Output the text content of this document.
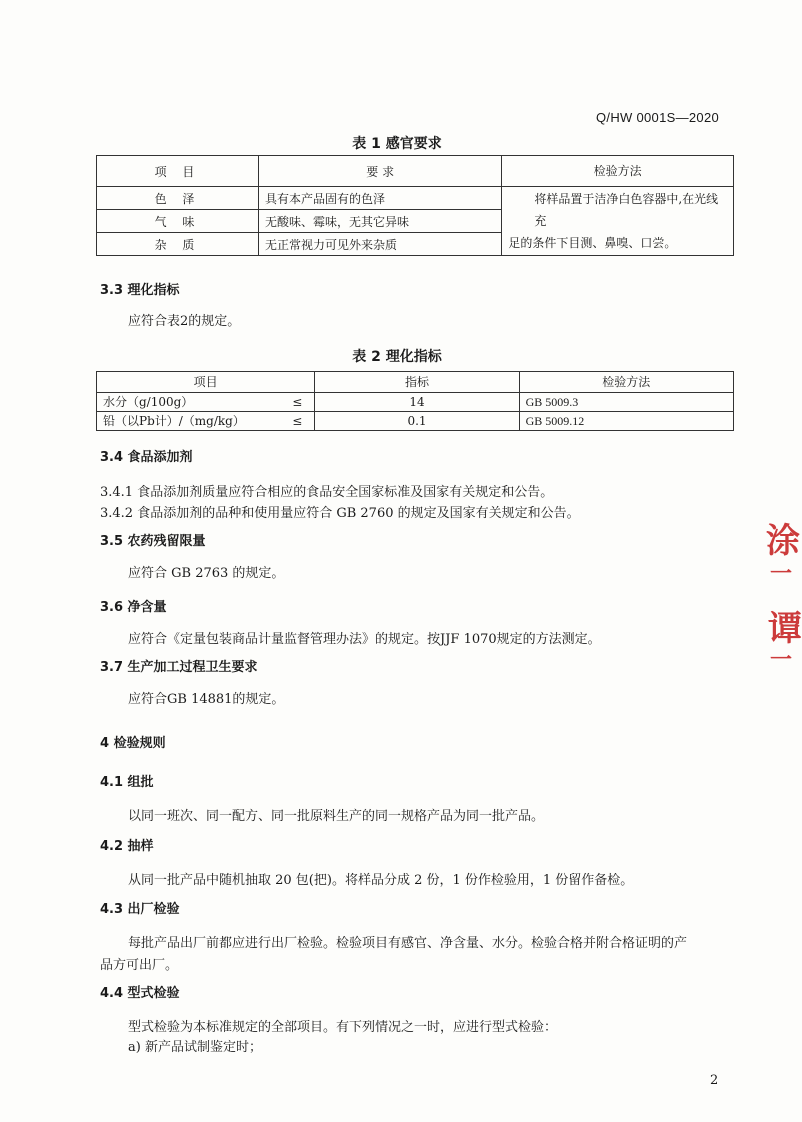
Q/HW 0001S—2020
表 1 感官要求
项 目	要 求	检验方法
色 泽	具有本产品固有的色泽	将样品置于洁净白色容器中,在光线充
足的条件下目测、鼻嗅、口尝。

气 味	无酸味、霉味，无其它异味	
杂 质	无正常视力可见外来杂质	
3.3 理化指标
应符合表2的规定。
表 2 理化指标
项目		指标	检验方法
水分（g/100g）	≤	14	GB 5009.3
铅（以Pb计）/（mg/kg）	≤	0.1	GB 5009.12
3.4 食品添加剂
3.4.1 食品添加剂质量应符合相应的食品安全国家标准及国家有关规定和公告。
3.4.2 食品添加剂的品种和使用量应符合 GB 2760 的规定及国家有关规定和公告。
3.5 农药残留限量
应符合 GB 2763 的规定。
3.6 净含量
应符合《定量包装商品计量监督管理办法》的规定。按JJF 1070规定的方法测定。
3.7 生产加工过程卫生要求
应符合GB 14881的规定。
4 检验规则
4.1 组批
以同一班次、同一配方、同一批原料生产的同一规格产品为同一批产品。
4.2 抽样
从同一批产品中随机抽取 20 包(把)。将样品分成 2 份，1 份作检验用，1 份留作备检。
4.3 出厂检验
每批产品出厂前都应进行出厂检验。检验项目有感官、净含量、水分。检验合格并附合格证明的产
品方可出厂。
4.4 型式检验
型式检验为本标准规定的全部项目。有下列情况之一时，应进行型式检验：
a) 新产品试制鉴定时；
2
涂
一
谭
一
